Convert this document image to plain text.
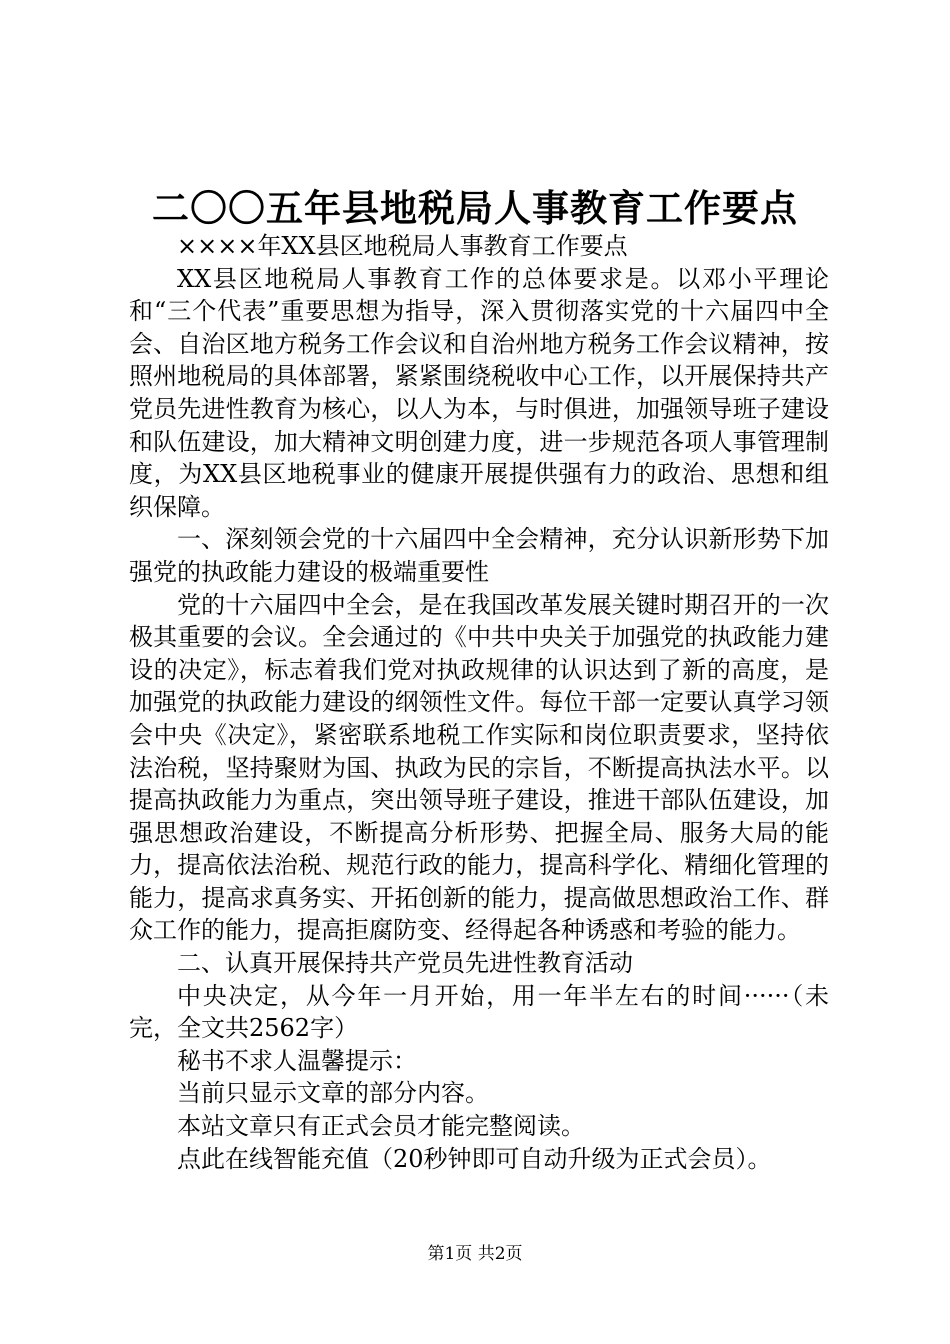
二〇〇五年县地税局人事教育工作要点

××××年XX县区地税局人事教育工作要点

XX县区地税局人事教育工作的总体要求是。以邓小平理论和“三个代表”重要思想为指导，深入贯彻落实党的十六届四中全会、自治区地方税务工作会议和自治州地方税务工作会议精神，按照州地税局的具体部署，紧紧围绕税收中心工作，以开展保持共产党员先进性教育为核心，以人为本，与时俱进，加强领导班子建设和队伍建设，加大精神文明创建力度，进一步规范各项人事管理制度，为XX县区地税事业的健康开展提供强有力的政治、思想和组织保障。

一、深刻领会党的十六届四中全会精神，充分认识新形势下加强党的执政能力建设的极端重要性

党的十六届四中全会，是在我国改革发展关键时期召开的一次极其重要的会议。全会通过的《中共中央关于加强党的执政能力建设的决定》，标志着我们党对执政规律的认识达到了新的高度，是加强党的执政能力建设的纲领性文件。每位干部一定要认真学习领会中央《决定》，紧密联系地税工作实际和岗位职责要求，坚持依法治税，坚持聚财为国、执政为民的宗旨，不断提高执法水平。以提高执政能力为重点，突出领导班子建设，推进干部队伍建设，加强思想政治建设，不断提高分析形势、把握全局、服务大局的能力，提高依法治税、规范行政的能力，提高科学化、精细化管理的能力，提高求真务实、开拓创新的能力，提高做思想政治工作、群众工作的能力，提高拒腐防变、经得起各种诱惑和考验的能力。

二、认真开展保持共产党员先进性教育活动

中央决定，从今年一月开始，用一年半左右的时间······（未完，全文共2562字）

秘书不求人温馨提示：

当前只显示文章的部分内容。

本站文章只有正式会员才能完整阅读。

点此在线智能充值（20秒钟即可自动升级为正式会员）。

第1页 共2页
